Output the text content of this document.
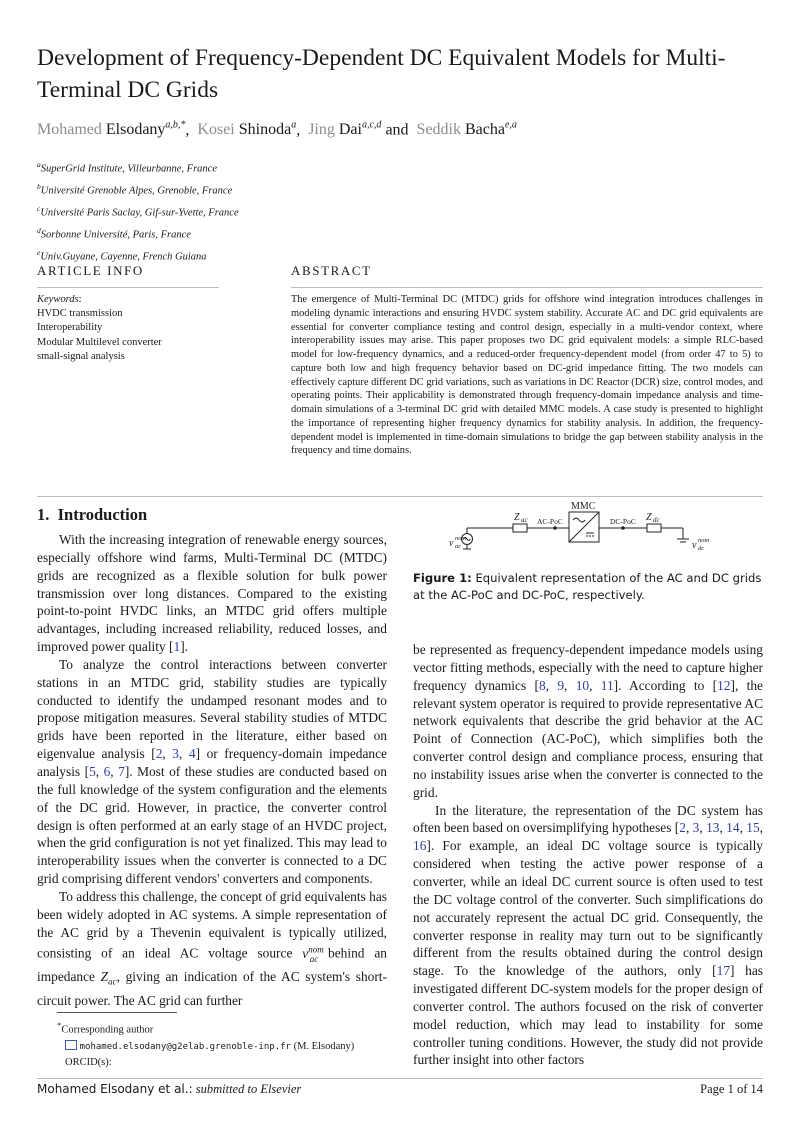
Development of Frequency-Dependent DC Equivalent Models for Multi-Terminal DC Grids
Mohamed Elsodany$^{a,b,*}$, Kosei Shinoda$^a$, Jing Dai$^{a,c,d}$ and Seddik Bacha$^{e,a}$
$^a$SuperGrid Institute, Villeurbanne, France
$^b$Université Grenoble Alpes, Grenoble, France
$^c$Université Paris Saclay, Gif-sur-Yvette, France
$^d$Sorbonne Université, Paris, France
$^e$Univ.Guyane, Cayenne, French Guiana
ARTICLE INFO	ABSTRACT
Keywords:
HVDC transmission
Interoperability
Modular Multilevel converter
small-signal analysis
The emergence of Multi-Terminal DC (MTDC) grids for offshore wind integration introduces challenges in modeling dynamic interactions and ensuring HVDC system stability. Accurate AC and DC grid equivalents are essential for converter compliance testing and control design, especially in a multi-vendor context, where interoperability issues may arise. This paper proposes two DC grid equivalent models: a simple RLC-based model for low-frequency dynamics, and a reduced-order frequency-dependent model (from order 47 to 5) to capture both low and high frequency behavior based on DC-grid impedance fitting. The two models can effectively capture different DC grid variations, such as variations in DC Reactor (DCR) size, control modes, and operating points. Their applicability is demonstrated through frequency-domain impedance analysis and time-domain simulations of a 3-terminal DC grid with detailed MMC models. A case study is presented to highlight the importance of representing higher frequency dynamics for stability analysis. In addition, the frequency-dependent model is implemented in time-domain simulations to bridge the gap between stability analysis in the frequency and time domains.
1. Introduction

With the increasing integration of renewable energy sources, especially offshore wind farms, Multi-Terminal DC (MTDC) grids are recognized as a flexible solution for bulk power transmission over long distances. Compared to the existing point-to-point HVDC links, an MTDC grid offers multiple advantages, including increased reliability, reduced losses, and improved power quality [1].

To analyze the control interactions between converter stations in an MTDC grid, stability studies are typically conducted to identify the undamped resonant modes and to propose mitigation measures. Several stability studies of MTDC grids have been reported in the literature, either based on eigenvalue analysis [2, 3, 4] or frequency-domain impedance analysis [5, 6, 7]. Most of these studies are conducted based on the full knowledge of the system configuration and the elements of the DC grid. However, in practice, the converter control design is often performed at an early stage of an HVDC project, when the grid configuration is not yet finalized. This may lead to interoperability issues when the converter is connected to a DC grid comprising different vendors' converters and components.

To address this challenge, the concept of grid equivalents has been widely adopted in AC systems. A simple representation of the AC grid by a Thevenin equivalent is typically utilized, consisting of an ideal AC voltage source $v^{nom}_{ac}$ behind an impedance $Z_{ac}$, giving an indication of the AC system's short-circuit power. The AC grid can further

MMC
Z ac AC-PoC	DC-PoC Z dc
v nom
ac	v nom
dc
Figure 1: Equivalent representation of the AC and DC grids at the AC-PoC and DC-PoC, respectively.

be represented as frequency-dependent impedance models using vector fitting methods, especially with the need to capture higher frequency dynamics [8, 9, 10, 11]. According to [12], the relevant system operator is required to provide representative AC network equivalents that describe the grid behavior at the AC Point of Connection (AC-PoC), which simplifies both the converter control design and compliance process, ensuring that no instability issues arise when the converter is connected to the grid.

In the literature, the representation of the DC system has often been based on oversimplifying hypotheses [2, 3, 13, 14, 15, 16]. For example, an ideal DC voltage source is typically considered when testing the active power response of a converter, while an ideal DC current source is often used to test the DC voltage control of the converter. Such simplifications do not accurately represent the actual DC grid. Consequently, the converter response in reality may turn out to be significantly different from the results obtained during the control design stage. To the knowledge of the authors, only [17] has investigated different DC-system models for the proper design of converter control. The authors focused on the risk of converter model reduction, which may lead to instability for some controller tuning conditions. However, the study did not provide further insight into other factors

*Corresponding author
mohamed.elsodany@g2elab.grenoble-inp.fr (M. Elsodany)
ORCID(s):
Mohamed Elsodany et al.: submitted to Elsevier	Page 1 of 14
